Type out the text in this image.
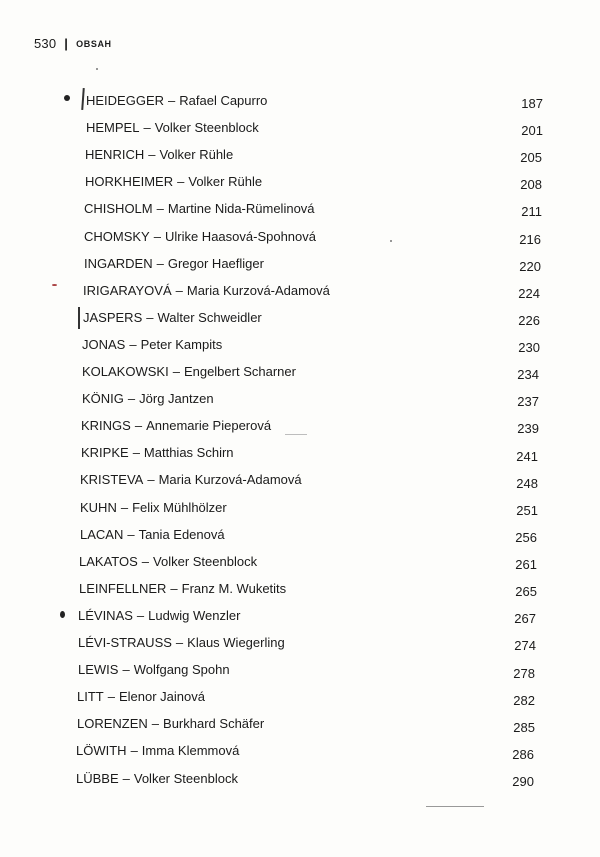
530 | OBSAH
HEIDEGGER – Rafael Capurro	187
HEMPEL – Volker Steenblock	201
HENRICH – Volker Rühle	205
HORKHEIMER – Volker Rühle	208
CHISHOLM – Martine Nida-Rümelinová	211
CHOMSKY – Ulrike Haasová-Spohnová	216
INGARDEN – Gregor Haefliger	220
IRIGARAYOVÁ – Maria Kurzová-Adamová	224
JASPERS – Walter Schweidler	226
JONAS – Peter Kampits	230
KOLAKOWSKI – Engelbert Scharner	234
KÖNIG – Jörg Jantzen	237
KRINGS – Annemarie Pieperová	239
KRIPKE – Matthias Schirn	241
KRISTEVA – Maria Kurzová-Adamová	248
KUHN – Felix Mühlhölzer	251
LACAN – Tania Edenová	256
LAKATOS – Volker Steenblock	261
LEINFELLNER – Franz M. Wuketits	265
LÉVINAS – Ludwig Wenzler	267
LÉVI-STRAUSS – Klaus Wiegerling	274
LEWIS – Wolfgang Spohn	278
LITT – Elenor Jainová	282
LORENZEN – Burkhard Schäfer	285
LÖWITH – Imma Klemmová	286
LÜBBE – Volker Steenblock	290
